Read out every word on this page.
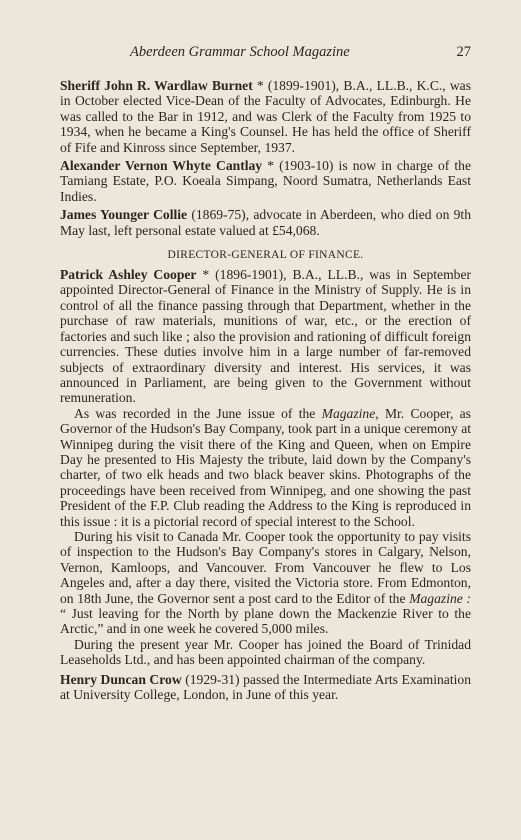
Aberdeen Grammar School Magazine	27

Sheriff John R. Wardlaw Burnet * (1899-1901), B.A., LL.B., K.C., was in October elected Vice-Dean of the Faculty of Advocates, Edinburgh. He was called to the Bar in 1912, and was Clerk of the Faculty from 1925 to 1934, when he became a King's Counsel. He has held the office of Sheriff of Fife and Kinross since September, 1937.

Alexander Vernon Whyte Cantlay * (1903-10) is now in charge of the Tamiang Estate, P.O. Koeala Simpang, Noord Sumatra, Netherlands East Indies.

James Younger Collie (1869-75), advocate in Aberdeen, who died on 9th May last, left personal estate valued at £54,068.

DIRECTOR-GENERAL OF FINANCE.

Patrick Ashley Cooper * (1896-1901), B.A., LL.B., was in September appointed Director-General of Finance in the Ministry of Supply. He is in control of all the finance passing through that Department, whether in the purchase of raw materials, munitions of war, etc., or the erection of factories and such like ; also the provision and rationing of difficult foreign currencies. These duties involve him in a large number of far-removed subjects of extraordinary diversity and interest. His services, it was announced in Parliament, are being given to the Government without remuneration.

As was recorded in the June issue of the Magazine, Mr. Cooper, as Governor of the Hudson's Bay Company, took part in a unique ceremony at Winnipeg during the visit there of the King and Queen, when on Empire Day he presented to His Majesty the tribute, laid down by the Company's charter, of two elk heads and two black beaver skins. Photographs of the proceedings have been received from Winnipeg, and one showing the past President of the F.P. Club reading the Address to the King is reproduced in this issue : it is a pictorial record of special interest to the School.

During his visit to Canada Mr. Cooper took the opportunity to pay visits of inspection to the Hudson's Bay Company's stores in Calgary, Nelson, Vernon, Kamloops, and Vancouver. From Vancouver he flew to Los Angeles and, after a day there, visited the Victoria store. From Edmonton, on 18th June, the Governor sent a post card to the Editor of the Magazine : “ Just leaving for the North by plane down the Mackenzie River to the Arctic,” and in one week he covered 5,000 miles.

During the present year Mr. Cooper has joined the Board of Trinidad Leaseholds Ltd., and has been appointed chairman of the company.

Henry Duncan Crow (1929-31) passed the Intermediate Arts Examination at University College, London, in June of this year.
